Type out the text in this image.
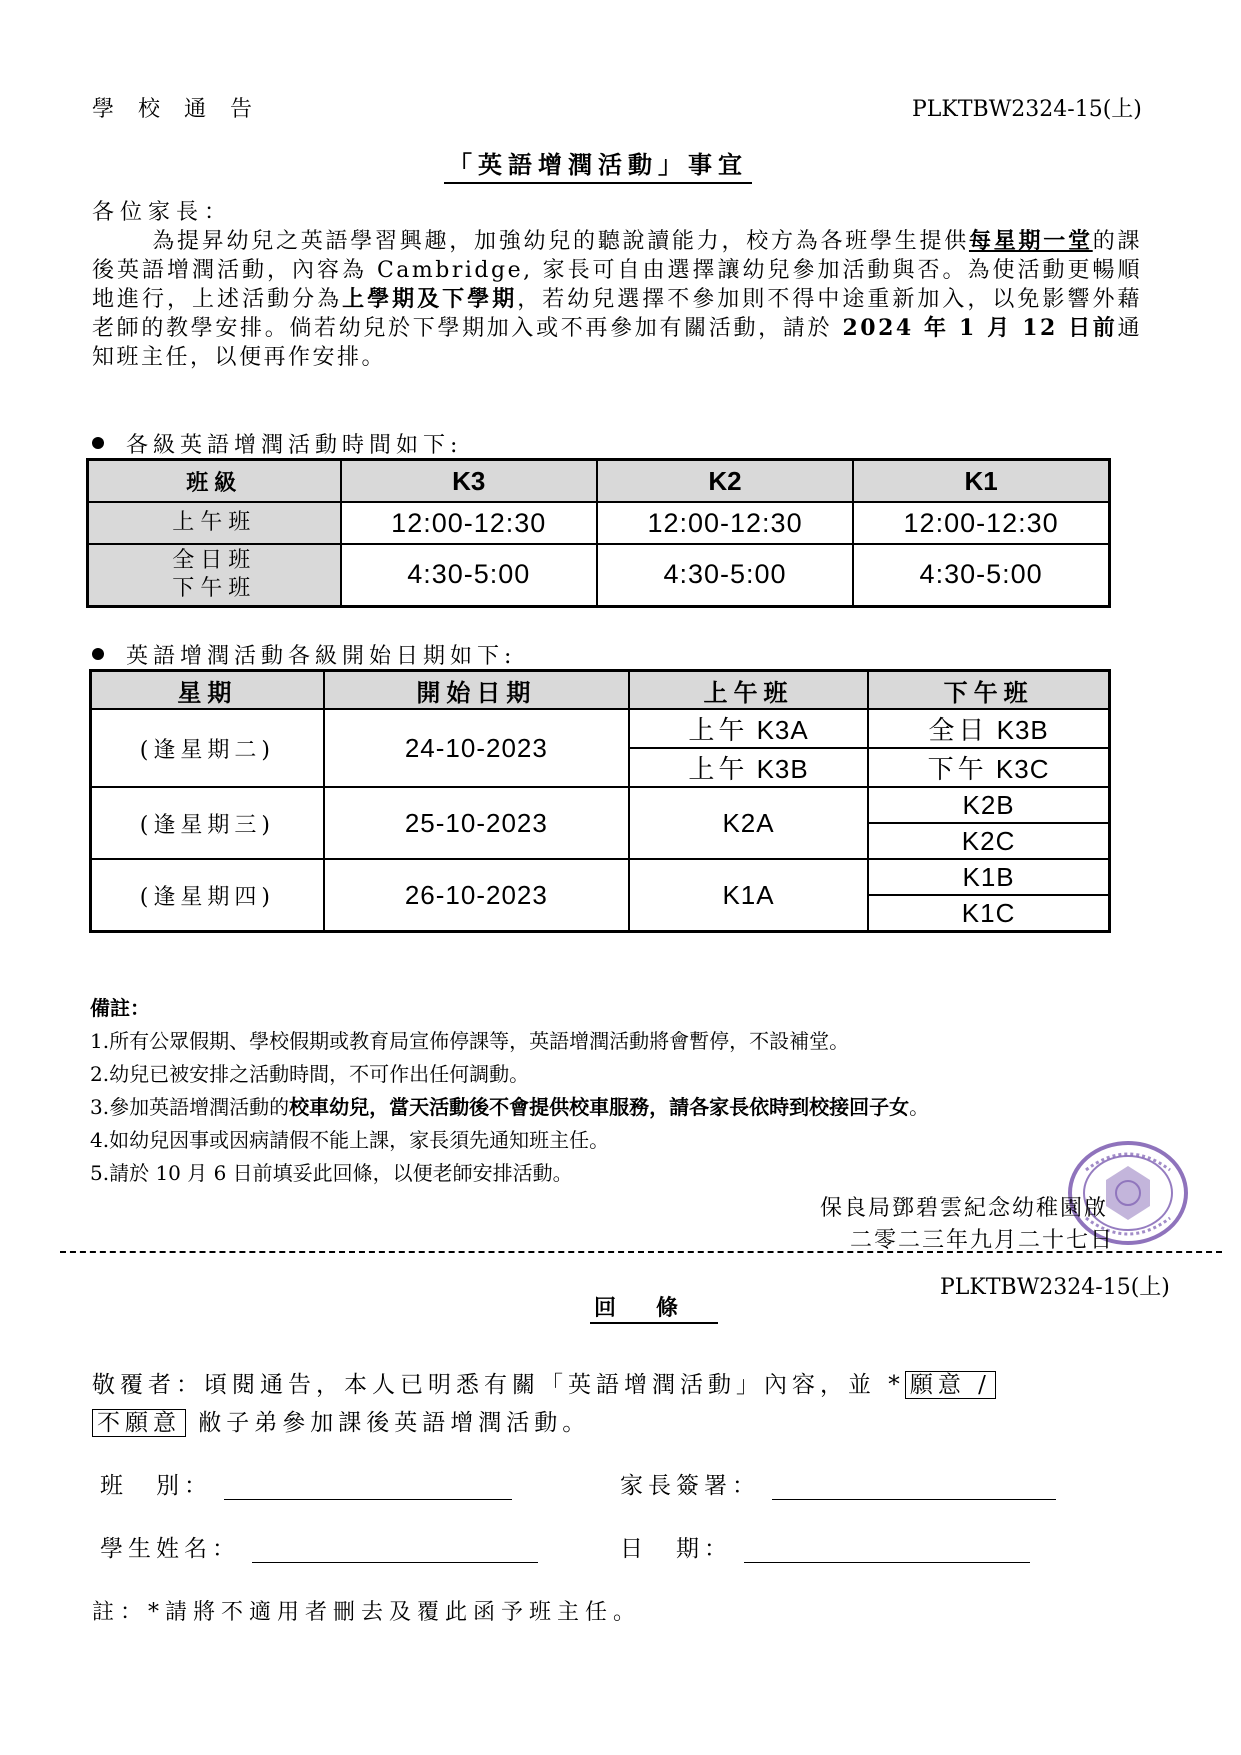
學校通告	PLKTBW2324-15(上)
「英語增潤活動」事宜
各位家長：

為提昇幼兒之英語學習興趣，加強幼兒的聽說讀能力，校方為各班學生提供每星期一堂的課後英語增潤活動，內容為 Cambridge, 家長可自由選擇讓幼兒參加活動與否。為使活動更暢順地進行，上述活動分為上學期及下學期，若幼兒選擇不參加則不得中途重新加入，以免影響外藉老師的教學安排。倘若幼兒於下學期加入或不再參加有關活動，請於 2024 年 1 月 12 日前通知班主任，以便再作安排。

各級英語增潤活動時間如下:
班級	K3	K2	K1
上午班	12:00-12:30	12:00-12:30	12:00-12:30

全日班
下午班	4:30-5:00	4:30-5:00	4:30-5:00
英語增潤活動各級開始日期如下:
星期	開始日期	上午班	下午班
(逢星期二)	24-10-2023	上午 K3A	全日 K3B
		上午 K3B	下午 K3C
(逢星期三)	25-10-2023	K2A	K2B
			K2C
(逢星期四)	26-10-2023	K1A	K1B
			K1C
備註：
1.所有公眾假期、學校假期或教育局宣佈停課等，英語增潤活動將會暫停，不設補堂。
2.幼兒已被安排之活動時間，不可作出任何調動。
3.參加英語增潤活動的校車幼兒，當天活動後不會提供校車服務，請各家長依時到校接回子女。
4.如幼兒因事或因病請假不能上課，家長須先通知班主任。
5.請於 10 月 6 日前填妥此回條，以便老師安排活動。
保良局鄧碧雲紀念幼稚園啟
二零二三年九月二十七日
PLKTBW2324-15(上)
回條
敬覆者：頃閱通告，本人已明悉有關「英語增潤活動」內容，並 * 願意 /
不願意 敝子弟參加課後英語增潤活動。
班　別：	家長簽署：
學生姓名：	日　期：
註：*請將不適用者刪去及覆此函予班主任。
